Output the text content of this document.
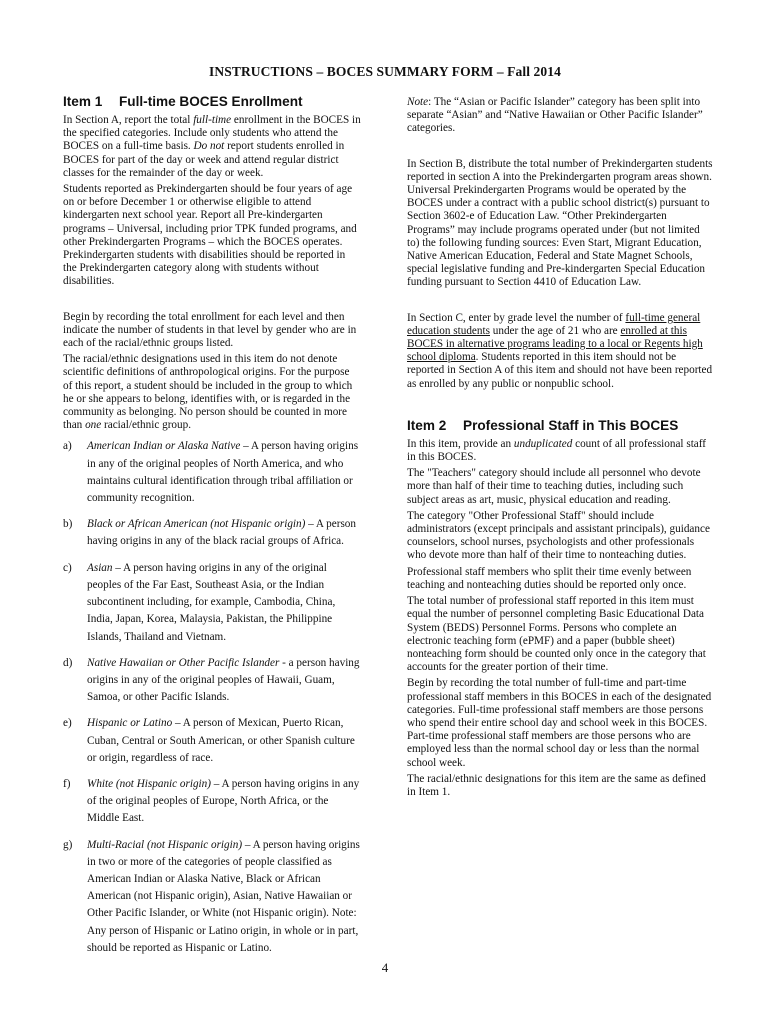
INSTRUCTIONS – BOCES SUMMARY FORM – Fall 2014
Item 1 Full-time BOCES Enrollment

In Section A, report the total full-time enrollment in the BOCES in the specified categories. Include only students who attend the BOCES on a full-time basis. Do not report students enrolled in BOCES for part of the day or week and attend regular district classes for the remainder of the day or week.

Students reported as Prekindergarten should be four years of age on or before December 1 or otherwise eligible to attend kindergarten next school year. Report all Pre-kindergarten programs – Universal, including prior TPK funded programs, and other Prekindergarten Programs – which the BOCES operates. Prekindergarten students with disabilities should be reported in the Prekindergarten category along with students without disabilities.

Begin by recording the total enrollment for each level and then indicate the number of students in that level by gender who are in each of the racial/ethnic groups listed.

The racial/ethnic designations used in this item do not denote scientific definitions of anthropological origins. For the purpose of this report, a student should be included in the group to which he or she appears to belong, identifies with, or is regarded in the community as belonging. No person should be counted in more than one racial/ethnic group.

a) American Indian or Alaska Native – A person having origins in any of the original peoples of North America, and who maintains cultural identification through tribal affiliation or community recognition.
b) Black or African American (not Hispanic origin) – A person having origins in any of the black racial groups of Africa.
c) Asian – A person having origins in any of the original peoples of the Far East, Southeast Asia, or the Indian subcontinent including, for example, Cambodia, China, India, Japan, Korea, Malaysia, Pakistan, the Philippine Islands, Thailand and Vietnam.
d) Native Hawaiian or Other Pacific Islander - a person having origins in any of the original peoples of Hawaii, Guam, Samoa, or other Pacific Islands.
e) Hispanic or Latino – A person of Mexican, Puerto Rican, Cuban, Central or South American, or other Spanish culture or origin, regardless of race.
f) White (not Hispanic origin) – A person having origins in any of the original peoples of Europe, North Africa, or the Middle East.
g) Multi-Racial (not Hispanic origin) – A person having origins in two or more of the categories of people classified as American Indian or Alaska Native, Black or African American (not Hispanic origin), Asian, Native Hawaiian or Other Pacific Islander, or White (not Hispanic origin). Note: Any person of Hispanic or Latino origin, in whole or in part, should be reported as Hispanic or Latino.

Note: The “Asian or Pacific Islander” category has been split into separate “Asian” and “Native Hawaiian or Other Pacific Islander” categories.

In Section B, distribute the total number of Prekindergarten students reported in section A into the Prekindergarten program areas shown. Universal Prekindergarten Programs would be operated by the BOCES under a contract with a public school district(s) pursuant to Section 3602-e of Education Law. “Other Prekindergarten Programs” may include programs operated under (but not limited to) the following funding sources: Even Start, Migrant Education, Native American Education, Federal and State Magnet Schools, special legislative funding and Pre-kindergarten Special Education funding pursuant to Section 4410 of Education Law.

In Section C, enter by grade level the number of full-time general education students under the age of 21 who are enrolled at this BOCES in alternative programs leading to a local or Regents high school diploma. Students reported in this item should not be reported in Section A of this item and should not have been reported as enrolled by any public or nonpublic school.

Item 2 Professional Staff in This BOCES

In this item, provide an unduplicated count of all professional staff in this BOCES.

The "Teachers" category should include all personnel who devote more than half of their time to teaching duties, including such subject areas as art, music, physical education and reading.

The category "Other Professional Staff" should include administrators (except principals and assistant principals), guidance counselors, school nurses, psychologists and other professionals who devote more than half of their time to nonteaching duties.

Professional staff members who split their time evenly between teaching and nonteaching duties should be reported only once.

The total number of professional staff reported in this item must equal the number of personnel completing Basic Educational Data System (BEDS) Personnel Forms. Persons who complete an electronic teaching form (ePMF) and a paper (bubble sheet) nonteaching form should be counted only once in the category that accounts for the greater portion of their time.

Begin by recording the total number of full-time and part-time professional staff members in this BOCES in each of the designated categories. Full-time professional staff members are those persons who spend their entire school day and school week in this BOCES. Part-time professional staff members are those persons who are employed less than the normal school day or less than the normal school week.

The racial/ethnic designations for this item are the same as defined in Item 1.

4
